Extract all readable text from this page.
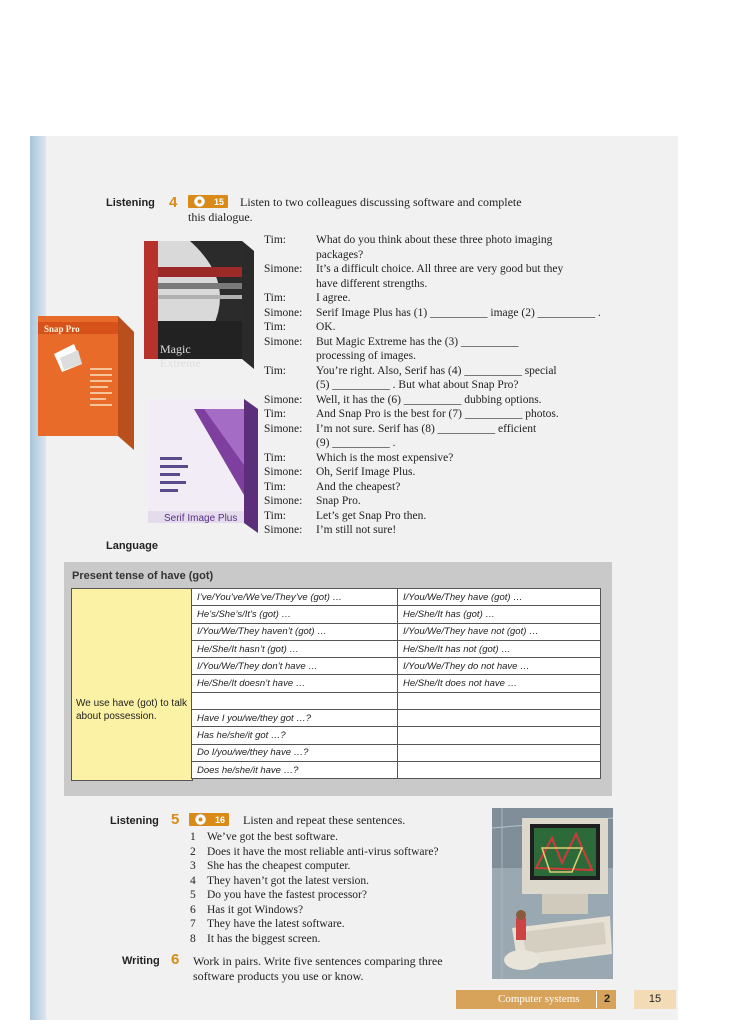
Listening 4	15 Listen to two colleagues discussing software and complete
this dialogue.
Magic
Extreme
Snap Pro
Serif Image Plus
Tim:	What do you think about these three photo imaging
packages?
Simone:	It’s a difficult choice. All three are very good but they
have different strengths.
Tim:	I agree.
Simone:	Serif Image Plus has (1) __________ image (2) __________ .
Tim:	OK.
Simone:	But Magic Extreme has the (3) __________
processing of images.
Tim:	You’re right. Also, Serif has (4) __________ special
(5) __________ . But what about Snap Pro?
Simone:	Well, it has the (6) __________ dubbing options.
Tim:	And Snap Pro is the best for (7) __________ photos.
Simone:	I’m not sure. Serif has (8) __________ efficient
(9) __________ .
Tim:	Which is the most expensive?
Simone:	Oh, Serif Image Plus.
Tim:	And the cheapest?
Simone:	Snap Pro.
Tim:	Let’s get Snap Pro then.
Simone:	I’m still not sure!
Language
Present tense of have (got)
We use have (got) to talk about possession.
I’ve/You’ve/We’ve/They’ve (got) …	I/You/We/They have (got) …
He’s/She’s/It’s (got) …	He/She/It has (got) …
I/You/We/They haven’t (got) …	I/You/We/They have not (got) …
He/She/It hasn’t (got) …	He/She/It has not (got) …
I/You/We/They don’t have …	I/You/We/They do not have …
He/She/It doesn’t have …	He/She/It does not have …

Have I you/we/they got …?	
Has he/she/it got …?	
Do I/you/we/they have …?	
Does he/she/it have …?	
Listening 5	16 Listen and repeat these sentences.
1 We’ve got the best software.
2 Does it have the most reliable anti-virus software?
3 She has the cheapest computer.
4 They haven’t got the latest version.
5 Do you have the fastest processor?
6 Has it got Windows?
7 They have the latest software.
8 It has the biggest screen.
Writing 6 Work in pairs. Write five sentences comparing three
software products you use or know.
Computer systems	2	15
